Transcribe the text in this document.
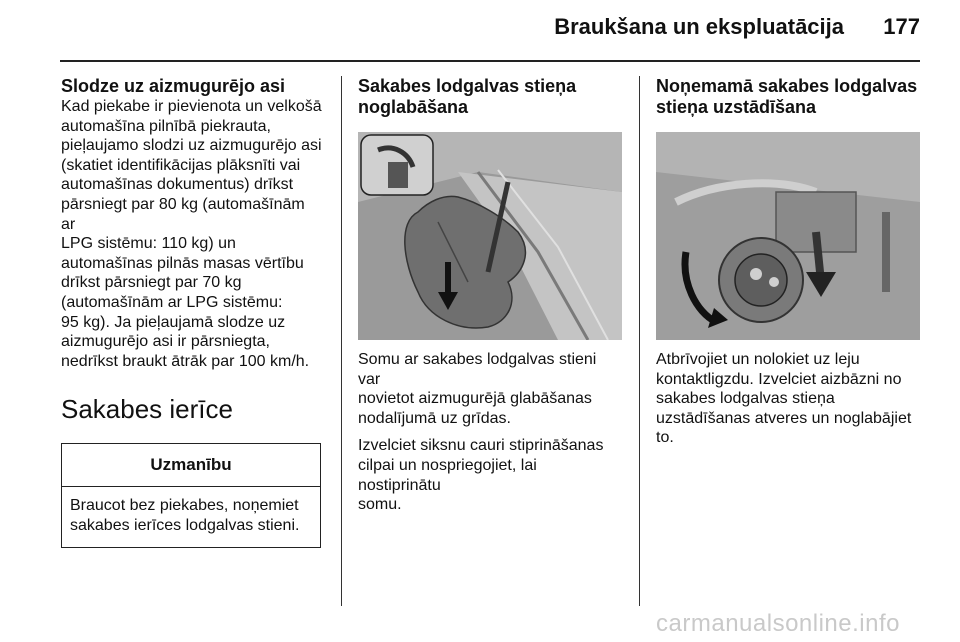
Braukšana un ekspluatācija 177

Slodze uz aizmugurējo asi

Kad piekabe ir pievienota un velkošā
automašīna pilnībā piekrauta,
pieļaujamo slodzi uz aizmugurējo asi
(skatiet identifikācijas plāksnīti vai
automašīnas dokumentus) drīkst
pārsniegt par 80 kg (automašīnām ar
LPG sistēmu: 110 kg) un
automašīnas pilnās masas vērtību
drīkst pārsniegt par 70 kg
(automašīnām ar LPG sistēmu:
95 kg). Ja pieļaujamā slodze uz
aizmugurējo asi ir pārsniegta,
nedrīkst braukt ātrāk par 100 km/h.

Sakabes ierīce

Uzmanību
Braucot bez piekabes, noņemiet
sakabes ierīces lodgalvas stieni.

Sakabes lodgalvas stieņa
noglabāšana

Somu ar sakabes lodgalvas stieni var
novietot aizmugurējā glabāšanas
nodalījumā uz grīdas.

Izvelciet siksnu cauri stiprināšanas
cilpai un nospriegojiet, lai nostiprinātu
somu.

Noņemamā sakabes lodgalvas
stieņa uzstādīšana

Atbrīvojiet un nolokiet uz leju
kontaktligzdu. Izvelciet aizbāzni no
sakabes lodgalvas stieņa
uzstādīšanas atveres un noglabājiet
to.

carmanualsonline.info
